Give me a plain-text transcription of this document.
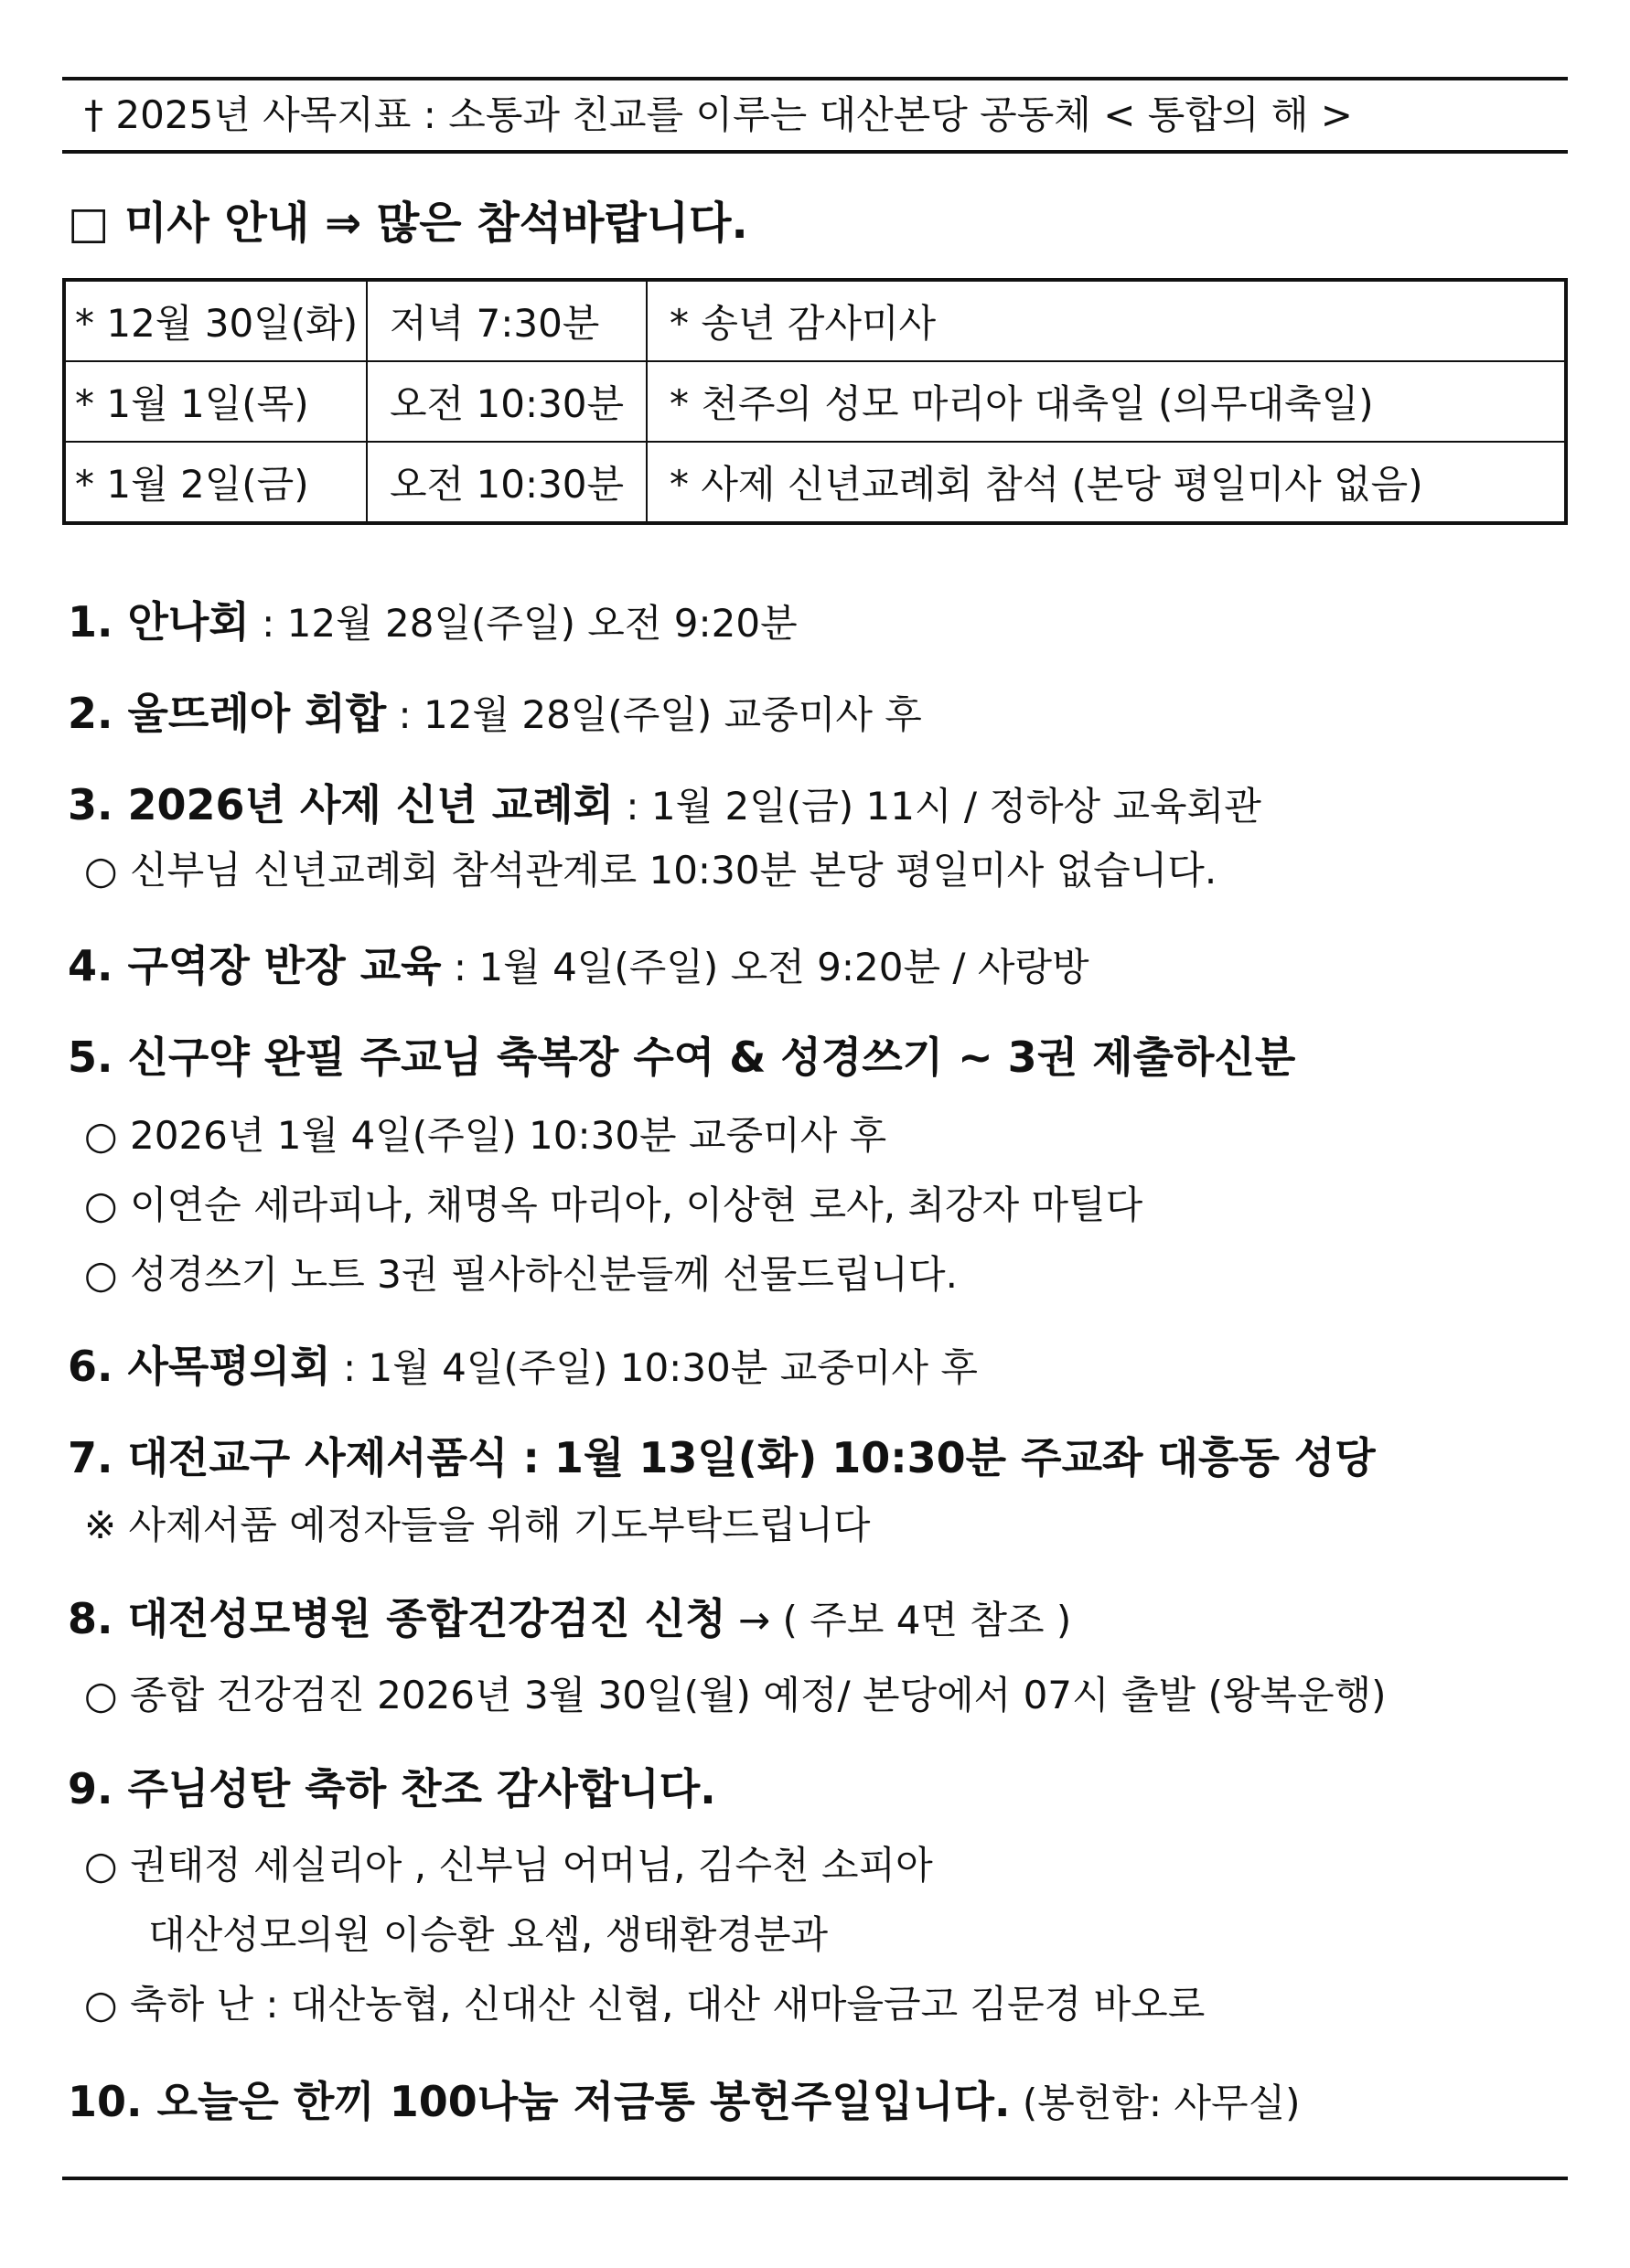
† 2025년 사목지표 : 소통과 친교를 이루는 대산본당 공동체 < 통합의 해 >
□ 미사 안내 ⇒ 많은 참석바랍니다.
* 12월 30일(화)	저녁 7:30분	* 송년 감사미사
* 1월 1일(목)	오전 10:30분	* 천주의 성모 마리아 대축일 (의무대축일)
* 1월 2일(금)	오전 10:30분	* 사제 신년교례회 참석 (본당 평일미사 없음)
1. 안나회 : 12월 28일(주일) 오전 9:20분
2. 울뜨레아 회합 : 12월 28일(주일) 교중미사 후
3. 2026년 사제 신년 교례회 : 1월 2일(금) 11시 / 정하상 교육회관
○ 신부님 신년교례회 참석관계로 10:30분 본당 평일미사 없습니다.
4. 구역장 반장 교육 : 1월 4일(주일) 오전 9:20분 / 사랑방
5. 신구약 완필 주교님 축복장 수여 & 성경쓰기 ~ 3권 제출하신분
○ 2026년 1월 4일(주일) 10:30분 교중미사 후
○ 이연순 세라피나, 채명옥 마리아, 이상현 로사, 최강자 마틸다
○ 성경쓰기 노트 3권 필사하신분들께 선물드립니다.
6. 사목평의회 : 1월 4일(주일) 10:30분 교중미사 후
7. 대전교구 사제서품식 : 1월 13일(화) 10:30분 주교좌 대흥동 성당
※ 사제서품 예정자들을 위해 기도부탁드립니다
8. 대전성모병원 종합건강검진 신청 → ( 주보 4면 참조 )
○ 종합 건강검진 2026년 3월 30일(월) 예정/ 본당에서 07시 출발 (왕복운행)
9. 주님성탄 축하 찬조 감사합니다.
○ 권태정 세실리아 , 신부님 어머님, 김수천 소피아
대산성모의원 이승환 요셉, 생태환경분과
○ 축하 난 : 대산농협, 신대산 신협, 대산 새마을금고 김문경 바오로
10. 오늘은 한끼 100나눔 저금통 봉헌주일입니다. (봉헌함: 사무실)
